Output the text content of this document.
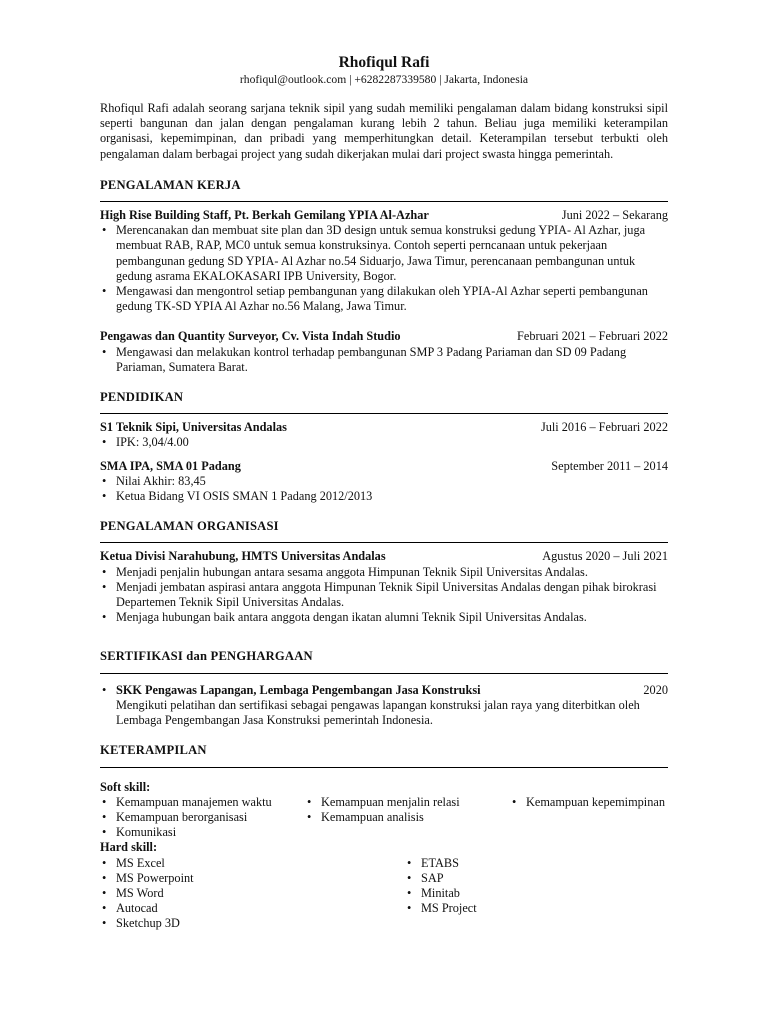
Rhofiqul Rafi
rhofiqul@outlook.com | +6282287339580 | Jakarta, Indonesia
Rhofiqul Rafi adalah seorang sarjana teknik sipil yang sudah memiliki pengalaman dalam bidang konstruksi sipil seperti bangunan dan jalan dengan pengalaman kurang lebih 2 tahun. Beliau juga memiliki keterampilan organisasi, kepemimpinan, dan pribadi yang memperhitungkan detail. Keterampilan tersebut terbukti oleh pengalaman dalam berbagai project yang sudah dikerjakan mulai dari project swasta hingga pemerintah.
PENGALAMAN KERJA
High Rise Building Staff, Pt. Berkah Gemilang YPIA Al-Azhar	Juni 2022 – Sekarang
• Merencanakan dan membuat site plan dan 3D design untuk semua konstruksi gedung YPIA- Al Azhar, juga membuat RAB, RAP, MC0 untuk semua konstruksinya. Contoh seperti perncanaan untuk pekerjaan pembangunan gedung SD YPIA- Al Azhar no.54 Siduarjo, Jawa Timur, perencanaan pembangunan untuk gedung asrama EKALOKASARI IPB University, Bogor.
• Mengawasi dan mengontrol setiap pembangunan yang dilakukan oleh YPIA-Al Azhar seperti pembangunan gedung TK-SD YPIA Al Azhar no.56 Malang, Jawa Timur.
Pengawas dan Quantity Surveyor, Cv. Vista Indah Studio	Februari 2021 – Februari 2022
• Mengawasi dan melakukan kontrol terhadap pembangunan SMP 3 Padang Pariaman dan SD 09 Padang Pariaman, Sumatera Barat.
PENDIDIKAN
S1 Teknik Sipi, Universitas Andalas	Juli 2016 – Februari 2022
• IPK: 3,04/4.00
SMA IPA, SMA 01 Padang	September 2011 – 2014
• Nilai Akhir: 83,45
• Ketua Bidang VI OSIS SMAN 1 Padang 2012/2013
PENGALAMAN ORGANISASI
Ketua Divisi Narahubung, HMTS Universitas Andalas	Agustus 2020 – Juli 2021
• Menjadi penjalin hubungan antara sesama anggota Himpunan Teknik Sipil Universitas Andalas.
• Menjadi jembatan aspirasi antara anggota Himpunan Teknik Sipil Universitas Andalas dengan pihak birokrasi Departemen Teknik Sipil Universitas Andalas.
• Menjaga hubungan baik antara anggota dengan ikatan alumni Teknik Sipil Universitas Andalas.
SERTIFIKASI dan PENGHARGAAN
• SKK Pengawas Lapangan, Lembaga Pengembangan Jasa Konstruksi	2020
Mengikuti pelatihan dan sertifikasi sebagai pengawas lapangan konstruksi jalan raya yang diterbitkan oleh Lembaga Pengembangan Jasa Konstruksi pemerintah Indonesia.
KETERAMPILAN
Soft skill:
• Kemampuan manajemen waktu
• Kemampuan berorganisasi
• Komunikasi
• Kemampuan menjalin relasi
• Kemampuan analisis
• Kemampuan kepemimpinan
Hard skill:
• MS Excel
• MS Powerpoint
• MS Word
• Autocad
• Sketchup 3D
• ETABS
• SAP
• Minitab
• MS Project
